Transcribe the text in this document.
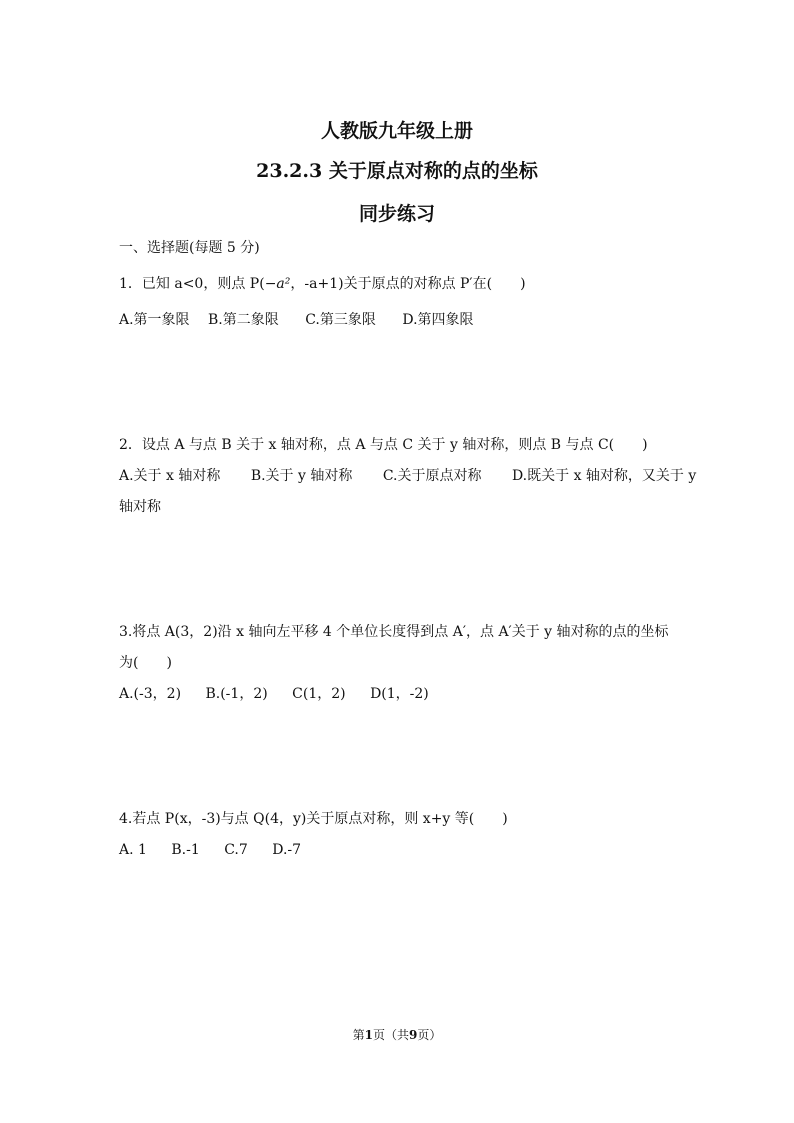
人教版九年级上册
23.2.3 关于原点对称的点的坐标
同步练习
一、选择题(每题 5 分)
1．已知 a<0，则点 P(−a²，-a+1)关于原点的对称点 P′在(　　)
A.第一象限 B.第二象限 C.第三象限 D.第四象限
2．设点 A 与点 B 关于 x 轴对称，点 A 与点 C 关于 y 轴对称，则点 B 与点 C(　　)
A.关于 x 轴对称 B.关于 y 轴对称 C.关于原点对称 D.既关于 x 轴对称，又关于 y
轴对称
3.将点 A(3，2)沿 x 轴向左平移 4 个单位长度得到点 A′，点 A′关于 y 轴对称的点的坐标
为(　　)
A.(-3，2) B.(-1，2) C(1，2) D(1，-2)
4.若点 P(x，-3)与点 Q(4，y)关于原点对称，则 x+y 等(　　)
A. 1 B.-1 C.7 D.-7
第1页（共9页）
